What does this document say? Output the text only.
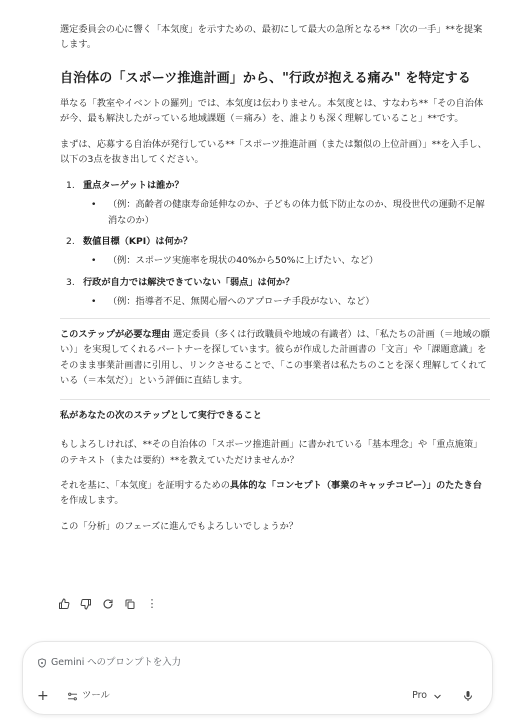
選定委員会の心に響く「本気度」を示すための、最初にして最大の急所となる**「次の一手」**を提案します。

自治体の「スポーツ推進計画」から、"行政が抱える痛み" を特定する

単なる「教室やイベントの羅列」では、本気度は伝わりません。本気度とは、すなわち**「その自治体が今、最も解決したがっている地域課題（＝痛み）を、誰よりも深く理解していること」**です。

まずは、応募する自治体が発行している**「スポーツ推進計画（または類似の上位計画）」**を入手し、以下の3点を抜き出してください。

1. 重点ターゲットは誰か？
• （例：高齢者の健康寿命延伸なのか、子どもの体力低下防止なのか、現役世代の運動不足解消なのか）
2. 数値目標（KPI）は何か？
• （例：スポーツ実施率を現状の40%から50%に上げたい、など）
3. 行政が自力では解決できていない「弱点」は何か？
• （例：指導者不足、無関心層へのアプローチ手段がない、など）

このステップが必要な理由 選定委員（多くは行政職員や地域の有識者）は、「私たちの計画（＝地域の願い）」を実現してくれるパートナーを探しています。彼らが作成した計画書の「文言」や「課題意識」をそのまま事業計画書に引用し、リンクさせることで、「この事業者は私たちのことを深く理解してくれている（＝本気だ）」という評価に直結します。

私があなたの次のステップとして実行できること

もしよろしければ、**その自治体の「スポーツ推進計画」に書かれている「基本理念」や「重点施策」のテキスト（または要約）**を教えていただけませんか？

それを基に、「本気度」を証明するための具体的な「コンセプト（事業のキャッチコピー）」のたたき台を作成します。

この「分析」のフェーズに進んでもよろしいでしょうか？

⋮
Gemini へのプロンプトを入力
+	ツール	Pro
